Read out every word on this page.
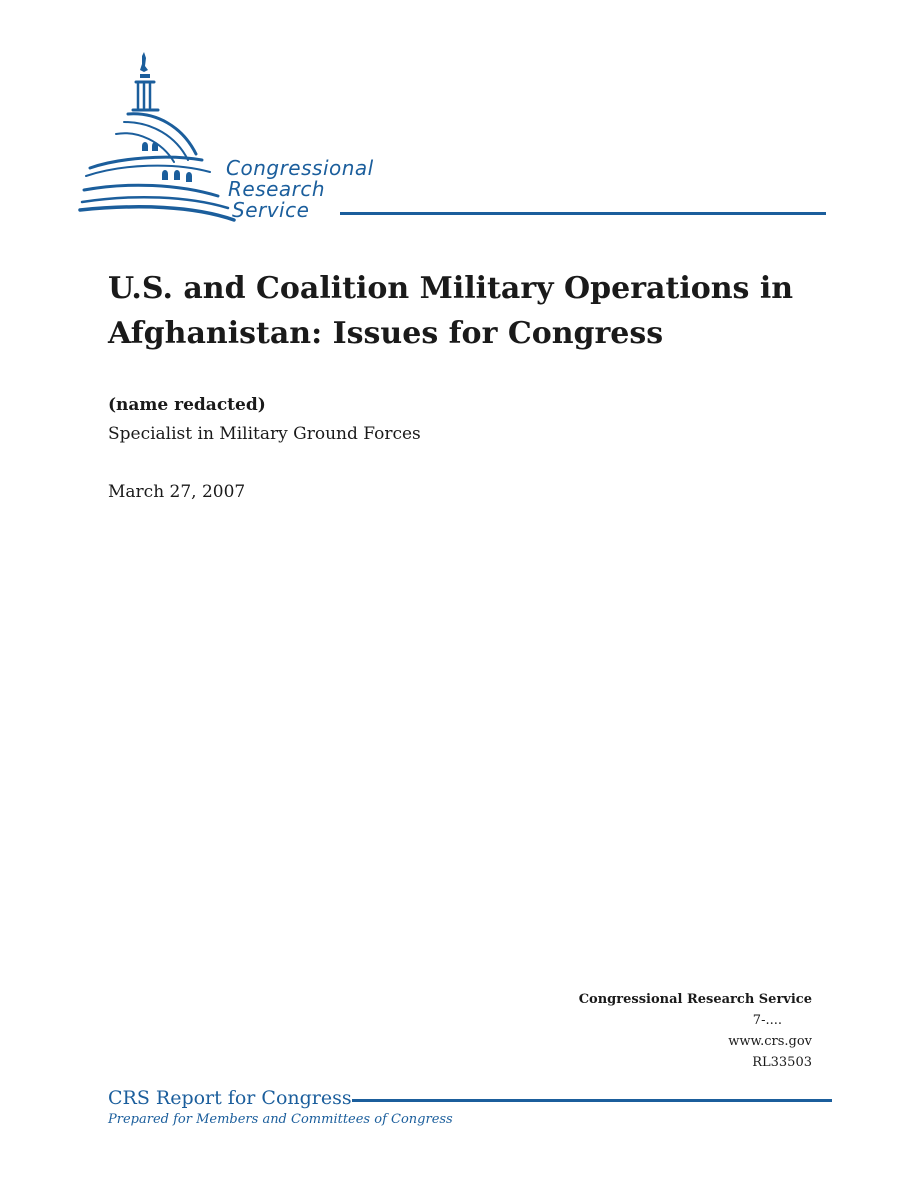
Congressional
Research
Service
U.S. and Coalition Military Operations in Afghanistan: Issues for Congress
(name redacted)
Specialist in Military Ground Forces
March 27, 2007
Congressional Research Service
7-....
www.crs.gov
RL33503
CRS Report for Congress
Prepared for Members and Committees of Congress
